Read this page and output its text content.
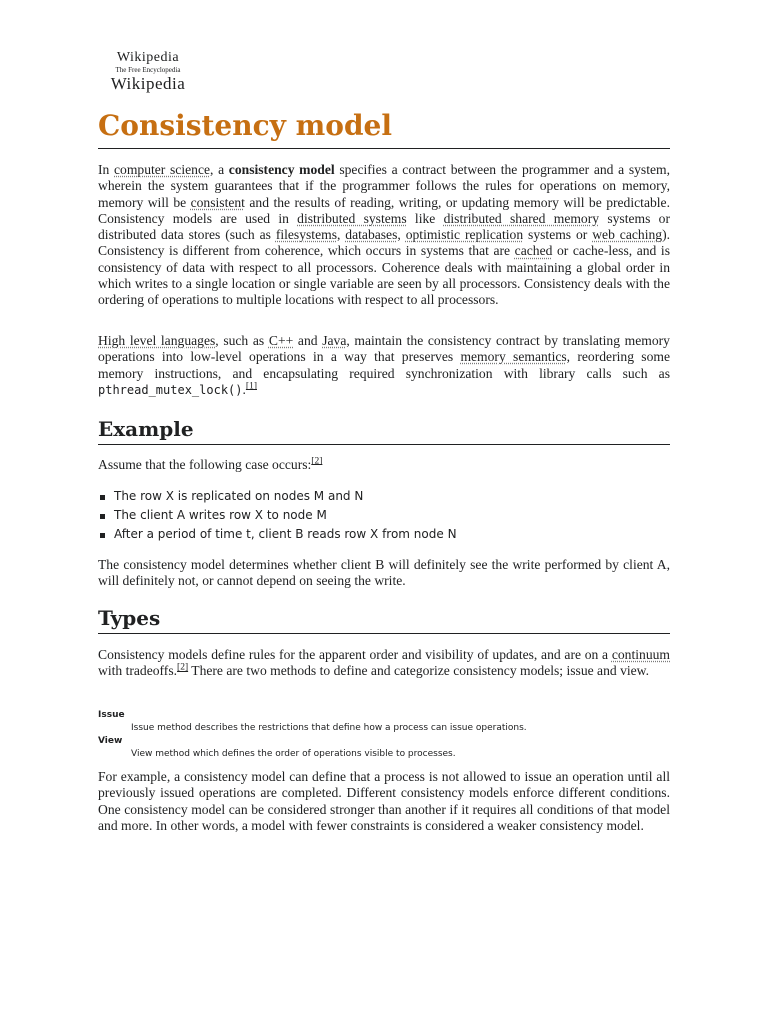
Wikipedia
The Free Encyclopedia
Wikipedia
Consistency model

In computer science, a consistency model specifies a contract between the programmer and a system, wherein the system guarantees that if the programmer follows the rules for operations on memory, memory will be consistent and the results of reading, writing, or updating memory will be predictable. Consistency models are used in distributed systems like distributed shared memory systems or distributed data stores (such as filesystems, databases, optimistic replication systems or web caching). Consistency is different from coherence, which occurs in systems that are cached or cache-less, and is consistency of data with respect to all processors. Coherence deals with maintaining a global order in which writes to a single location or single variable are seen by all processors. Consistency deals with the ordering of operations to multiple locations with respect to all processors.

High level languages, such as C++ and Java, maintain the consistency contract by translating memory operations into low-level operations in a way that preserves memory semantics, reordering some memory instructions, and encapsulating required synchronization with library calls such as pthread_mutex_lock().[1]

Example

Assume that the following case occurs:[2]

The row X is replicated on nodes M and N
The client A writes row X to node M
After a period of time t, client B reads row X from node N

The consistency model determines whether client B will definitely see the write performed by client A, will definitely not, or cannot depend on seeing the write.

Types

Consistency models define rules for the apparent order and visibility of updates, and are on a continuum with tradeoffs.[2] There are two methods to define and categorize consistency models; issue and view.

Issue
Issue method describes the restrictions that define how a process can issue operations.
View
View method which defines the order of operations visible to processes.

For example, a consistency model can define that a process is not allowed to issue an operation until all previously issued operations are completed. Different consistency models enforce different conditions. One consistency model can be considered stronger than another if it requires all conditions of that model and more. In other words, a model with fewer constraints is considered a weaker consistency model.
